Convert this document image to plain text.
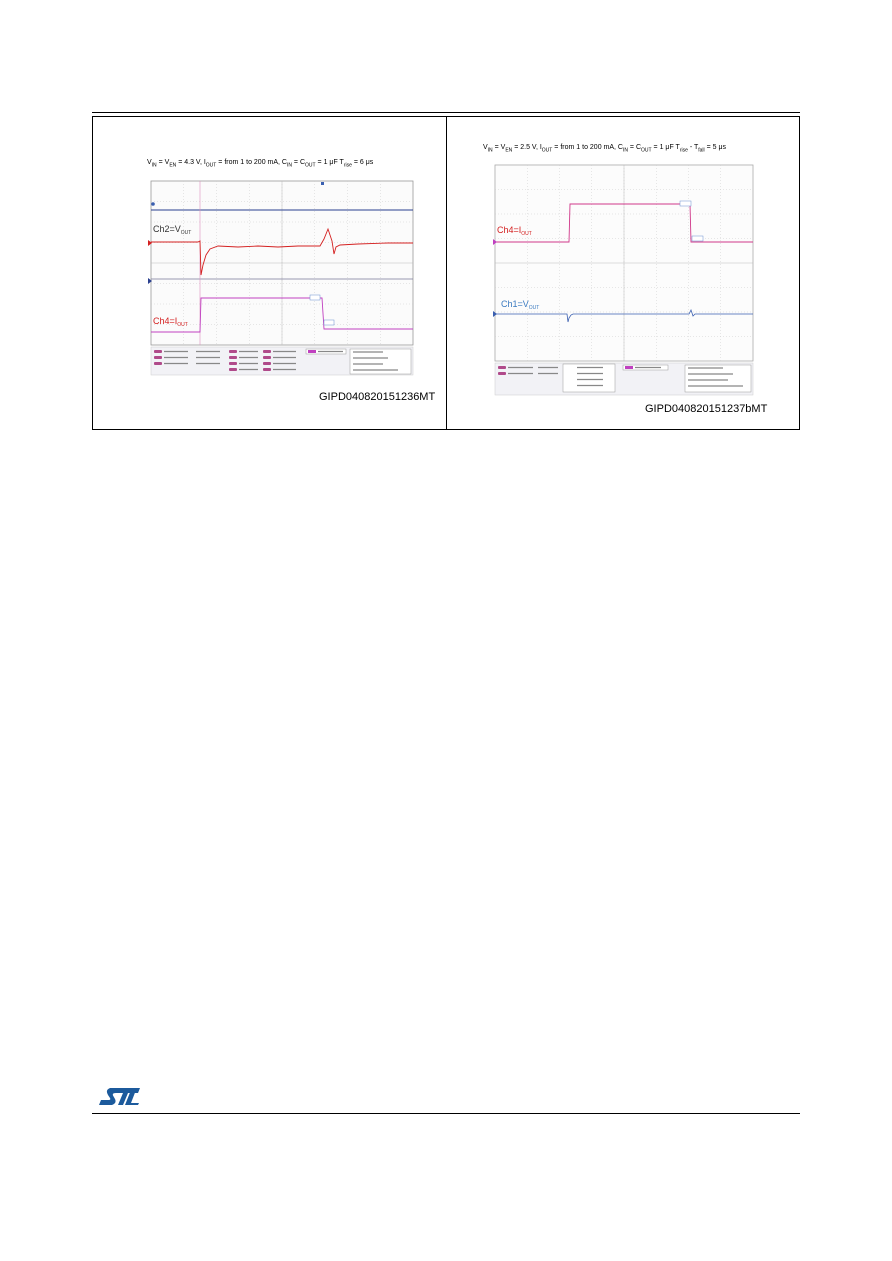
$V_{IN} = V_{EN} = 4.3$ V, $I_{OUT}$ = from 1 to 200 mA, $C_{IN} = C_{OUT} = 1$ μF $T_{rise} = 6$ μs
$Ch2=V_{OUT}$
$Ch4=I_{OUT}$
GIPD040820151236MT
$V_{IN} = V_{EN} = 2.5$ V, $I_{OUT}$ = from 1 to 200 mA, $C_{IN} = C_{OUT} = 1$ μF $T_{rise} - T_{fall} = 5$ μs
$Ch4=I_{OUT}$
$Ch1=V_{OUT}$
GIPD040820151237bMT
